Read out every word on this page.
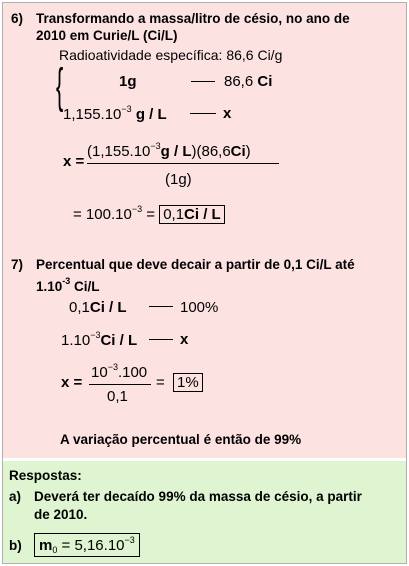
6) Transformando a massa/litro de césio, no ano de
2010 em Curie/L (Ci/L)
Radioatividade específica: 86,6 Ci/g
{	1g	86,6 Ci
$1,155.10^{-3}$ g / L	x
x =
$(1,155.10^{-3}g / L)(86,6Ci)$
(1g)
= $100.10^{-3} = 0,1Ci / L$
7) Percentual que deve decair a partir de 0,1 Ci/L até
$1.10^{-3}$ Ci/L
0,1Ci / L	100%
$1.10^{-3}Ci$ / L	x
x =
$10^{-3}.100$
0,1
= 1%
A variação percentual é então de 99%
Respostas:
a) Deverá ter decaído 99% da massa de césio, a partir
de 2010.
b)	$m_0 = 5,16.10^{-3}$
